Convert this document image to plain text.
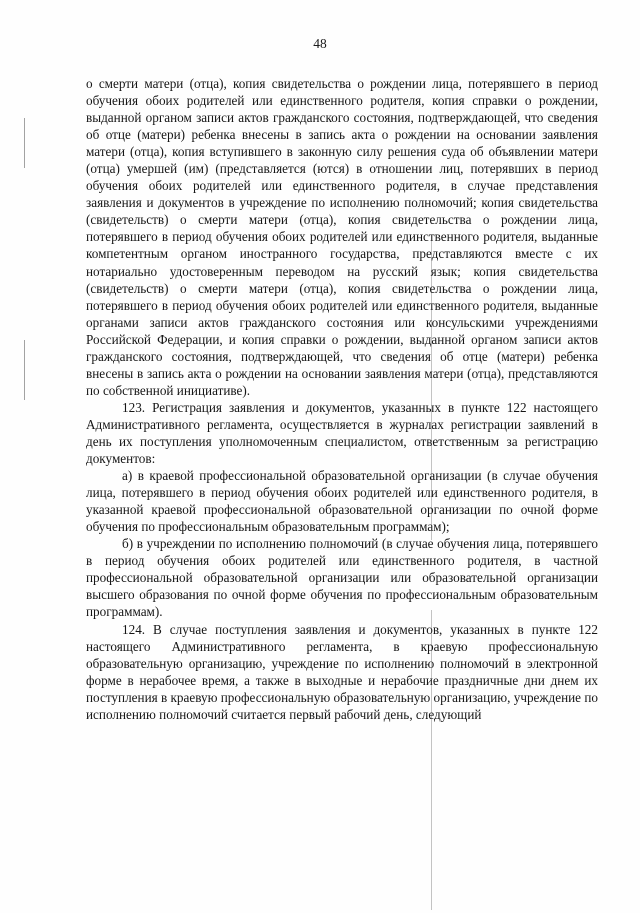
48

о смерти матери (отца), копия свидетельства о рождении лица, потерявшего в период обучения обоих родителей или единственного родителя, копия справки о рождении, выданной органом записи актов гражданского состояния, подтверждающей, что сведения об отце (матери) ребенка внесены в запись акта о рождении на основании заявления матери (отца), копия вступившего в законную силу решения суда об объявлении матери (отца) умершей (им) (представляется (ются) в отношении лиц, потерявших в период обучения обоих родителей или единственного родителя, в случае представления заявления и документов в учреждение по исполнению полномочий; копия свидетельства (свидетельств) о смерти матери (отца), копия свидетельства о рождении лица, потерявшего в период обучения обоих родителей или единственного родителя, выданные компетентным органом иностранного государства, представляются вместе с их нотариально удостоверенным переводом на русский язык; копия свидетельства (свидетельств) о смерти матери (отца), копия свидетельства о рождении лица, потерявшего в период обучения обоих родителей или единственного родителя, выданные органами записи актов гражданского состояния или консульскими учреждениями Российской Федерации, и копия справки о рождении, выданной органом записи актов гражданского состояния, подтверждающей, что сведения об отце (матери) ребенка внесены в запись акта о рождении на основании заявления матери (отца), представляются по собственной инициативе).

123. Регистрация заявления и документов, указанных в пункте 122 настоящего Административного регламента, осуществляется в журналах регистрации заявлений в день их поступления уполномоченным специалистом, ответственным за регистрацию документов:

а) в краевой профессиональной образовательной организации (в случае обучения лица, потерявшего в период обучения обоих родителей или единственного родителя, в указанной краевой профессиональной образовательной организации по очной форме обучения по профессиональным образовательным программам);

б) в учреждении по исполнению полномочий (в случае обучения лица, потерявшего в период обучения обоих родителей или единственного родителя, в частной профессиональной образовательной организации или образовательной организации высшего образования по очной форме обучения по профессиональным образовательным программам).

124. В случае поступления заявления и документов, указанных в пункте 122 настоящего Административного регламента, в краевую профессиональную образовательную организацию, учреждение по исполнению полномочий в электронной форме в нерабочее время, а также в выходные и нерабочие праздничные дни днем их поступления в краевую профессиональную образовательную организацию, учреждение по исполнению полномочий считается первый рабочий день, следующий
